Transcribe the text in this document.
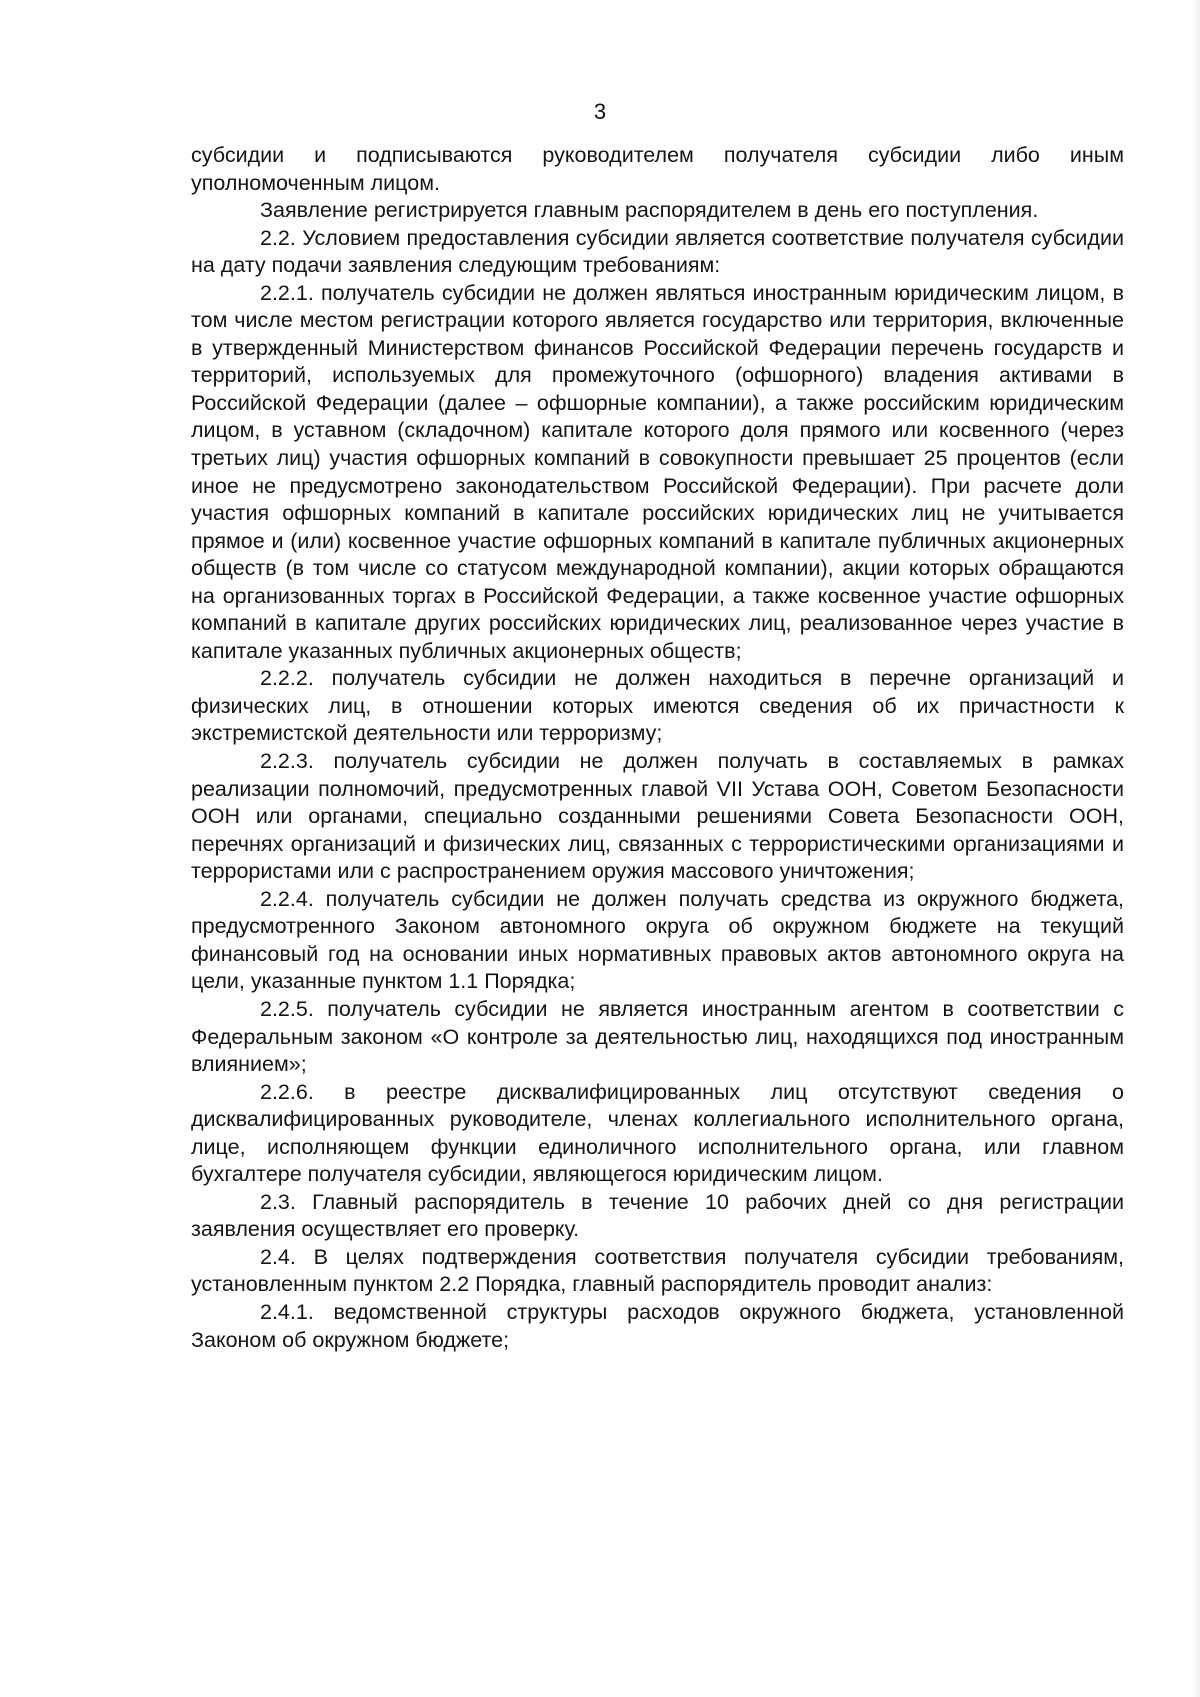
3

субсидии и подписываются руководителем получателя субсидии либо иным уполномоченным лицом.

Заявление регистрируется главным распорядителем в день его поступления.

2.2. Условием предоставления субсидии является соответствие получателя субсидии на дату подачи заявления следующим требованиям:

2.2.1. получатель субсидии не должен являться иностранным юридическим лицом, в том числе местом регистрации которого является государство или территория, включенные в утвержденный Министерством финансов Российской Федерации перечень государств и территорий, используемых для промежуточного (офшорного) владения активами в Российской Федерации (далее – офшорные компании), а также российским юридическим лицом, в уставном (складочном) капитале которого доля прямого или косвенного (через третьих лиц) участия офшорных компаний в совокупности превышает 25 процентов (если иное не предусмотрено законодательством Российской Федерации). При расчете доли участия офшорных компаний в капитале российских юридических лиц не учитывается прямое и (или) косвенное участие офшорных компаний в капитале публичных акционерных обществ (в том числе со статусом международной компании), акции которых обращаются на организованных торгах в Российской Федерации, а также косвенное участие офшорных компаний в капитале других российских юридических лиц, реализованное через участие в капитале указанных публичных акционерных обществ;

2.2.2. получатель субсидии не должен находиться в перечне организаций и физических лиц, в отношении которых имеются сведения об их причастности к экстремистской деятельности или терроризму;

2.2.3. получатель субсидии не должен получать в составляемых в рамках реализации полномочий, предусмотренных главой VII Устава ООН, Советом Безопасности ООН или органами, специально созданными решениями Совета Безопасности ООН, перечнях организаций и физических лиц, связанных с террористическими организациями и террористами или с распространением оружия массового уничтожения;

2.2.4. получатель субсидии не должен получать средства из окружного бюджета, предусмотренного Законом автономного округа об окружном бюджете на текущий финансовый год на основании иных нормативных правовых актов автономного округа на цели, указанные пунктом 1.1 Порядка;

2.2.5. получатель субсидии не является иностранным агентом в соответствии с Федеральным законом «О контроле за деятельностью лиц, находящихся под иностранным влиянием»;

2.2.6. в реестре дисквалифицированных лиц отсутствуют сведения о дисквалифицированных руководителе, членах коллегиального исполнительного органа, лице, исполняющем функции единоличного исполнительного органа, или главном бухгалтере получателя субсидии, являющегося юридическим лицом.

2.3. Главный распорядитель в течение 10 рабочих дней со дня регистрации заявления осуществляет его проверку.

2.4. В целях подтверждения соответствия получателя субсидии требованиям, установленным пунктом 2.2 Порядка, главный распорядитель проводит анализ:

2.4.1. ведомственной структуры расходов окружного бюджета, установленной Законом об окружном бюджете;
